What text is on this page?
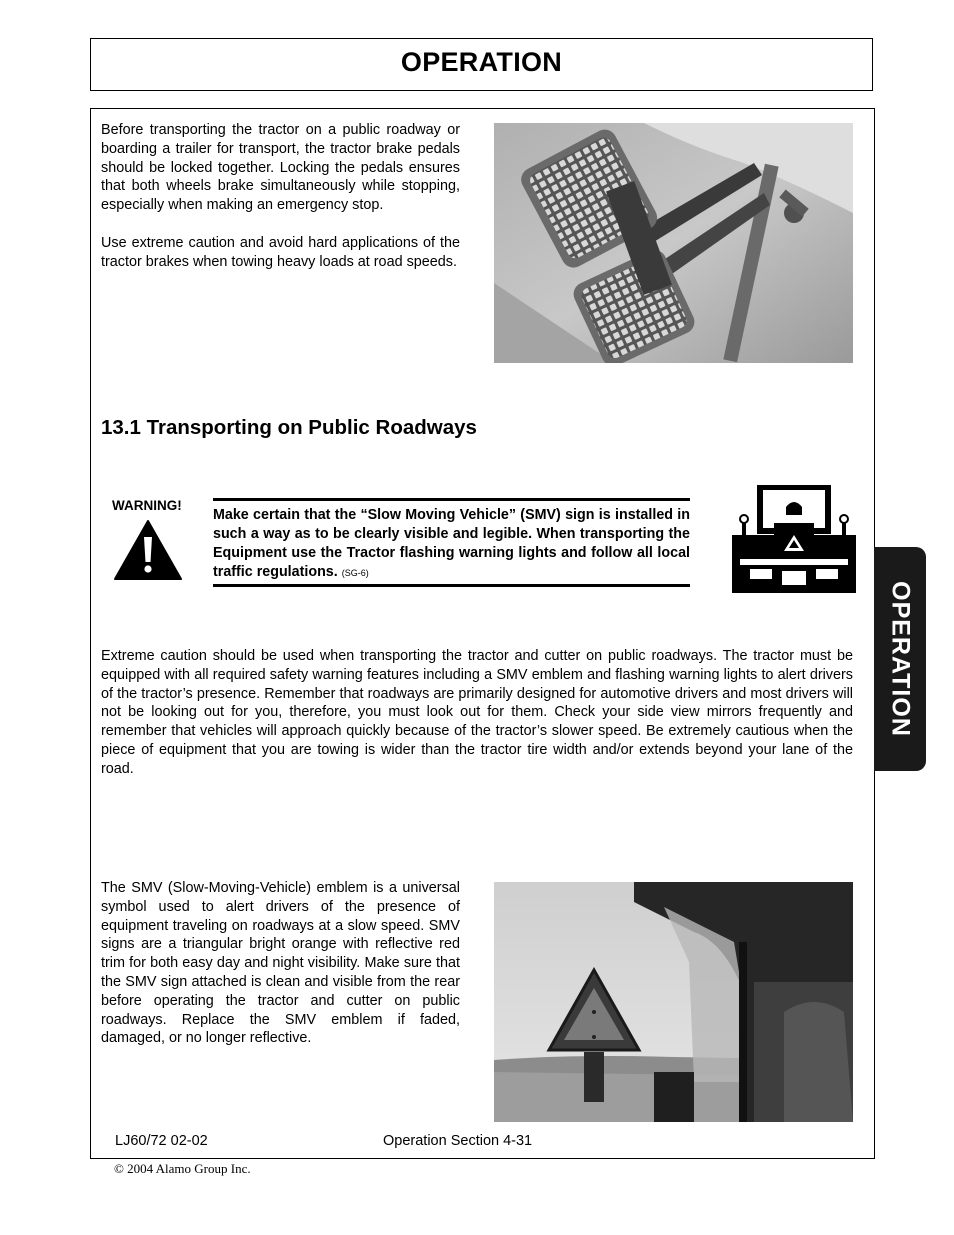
OPERATION
Before transporting the tractor on a public roadway or boarding a trailer for transport, the tractor brake pedals should be locked together. Locking the pedals ensures that both wheels brake simultaneously while stopping, especially when making an emergency stop.
Use extreme caution and avoid hard applications of the tractor brakes when towing heavy loads at road speeds.
13.1 Transporting on Public Roadways
WARNING!
Make certain that the “Slow Moving Vehicle” (SMV) sign is installed in such a way as to be clearly visible and legible. When transporting the Equipment use the Tractor flashing warning lights and follow all local traffic regulations. (SG-6)
Extreme caution should be used when transporting the tractor and cutter on public roadways. The tractor must be equipped with all required safety warning features including a SMV emblem and flashing warning lights to alert drivers of the tractor’s presence. Remember that roadways are primarily designed for automotive drivers and most drivers will not be looking out for you, therefore, you must look out for them. Check your side view mirrors frequently and remember that vehicles will approach quickly because of the tractor’s slower speed. Be extremely cautious when the piece of equipment that you are towing is wider than the tractor tire width and/or extends beyond your lane of the road.
The SMV (Slow-Moving-Vehicle) emblem is a universal symbol used to alert drivers of the presence of equipment traveling on roadways at a slow speed. SMV signs are a triangular bright orange with reflective red trim for both easy day and night visibility. Make sure that the SMV sign attached is clean and visible from the rear before operating the tractor and cutter on public roadways. Replace the SMV emblem if faded, damaged, or no longer reflective.
OPERATION
LJ60/72 02-02	Operation Section 4-31
© 2004 Alamo Group Inc.
